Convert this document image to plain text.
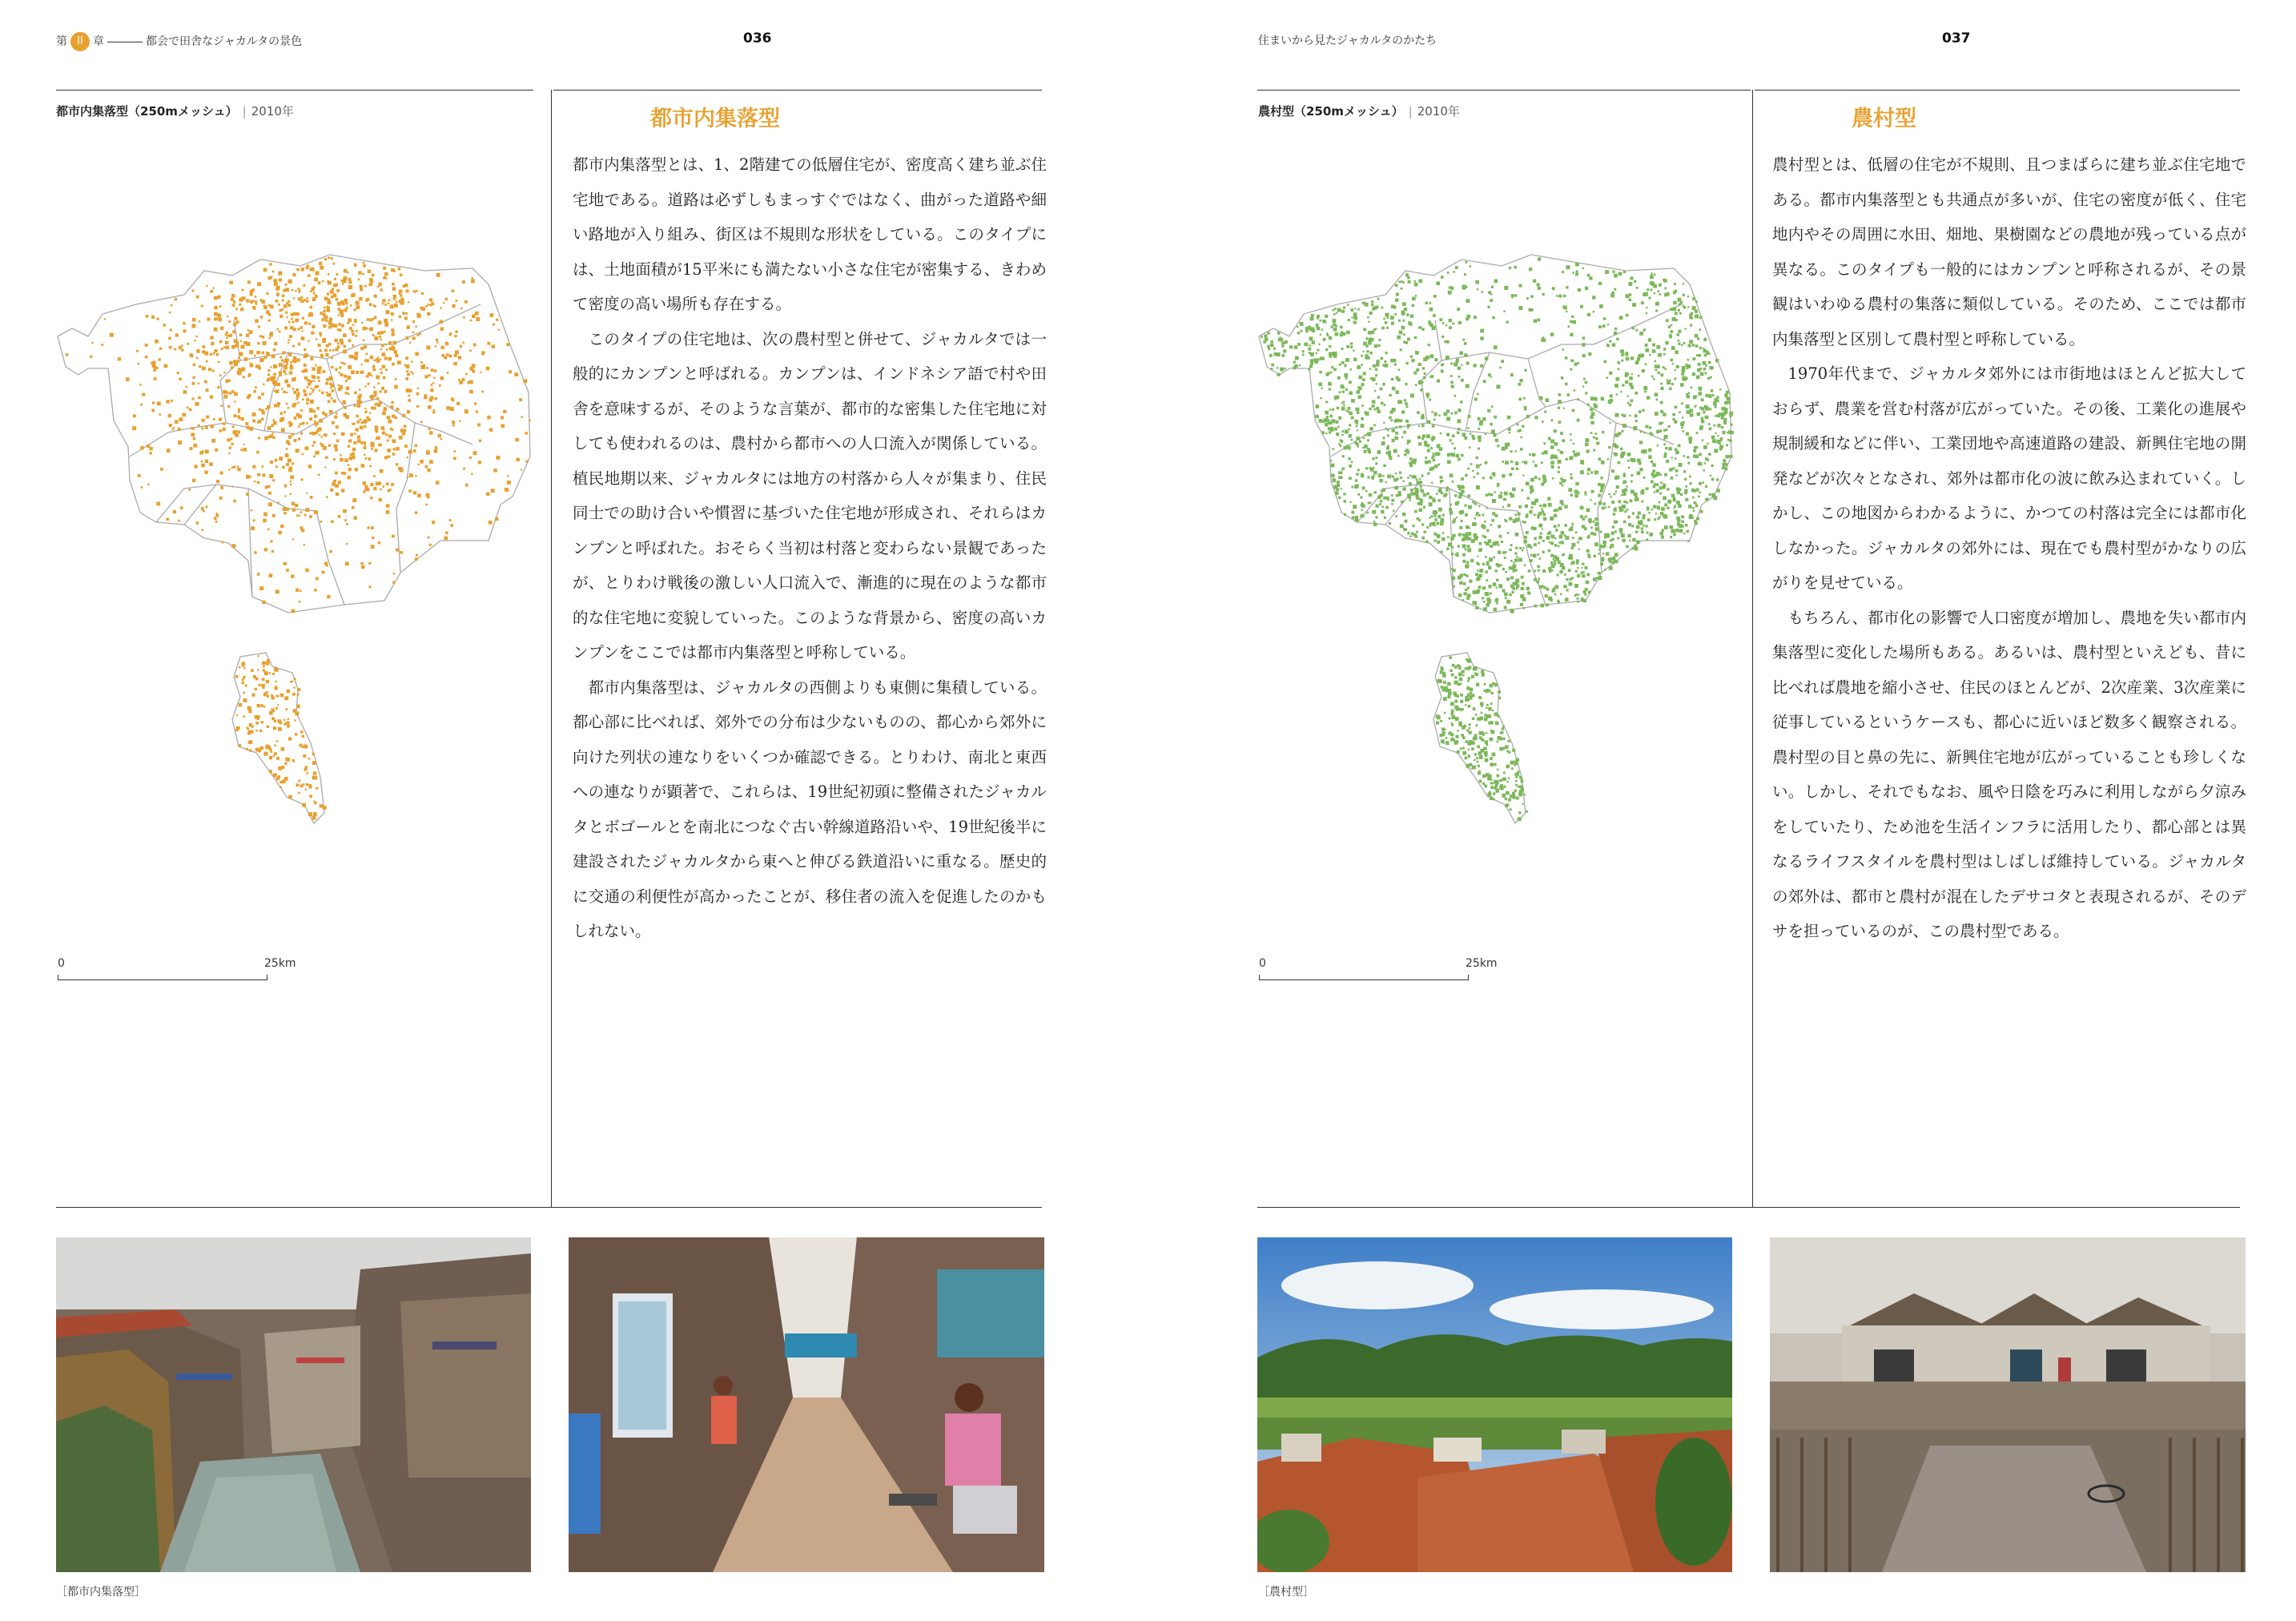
第 II 章	都会で田舎なジャカルタの景色	036
都市内集落型（250mメッシュ） | 2010年
0	25km
都市内集落型

都市内集落型とは、1、2階建ての低層住宅が、密度高く建ち並ぶ住宅地である。道路は必ずしもまっすぐではなく、曲がった道路や細い路地が入り組み、街区は不規則な形状をしている。このタイプには、土地面積が15平米にも満たない小さな住宅が密集する、きわめて密度の高い場所も存在する。

このタイプの住宅地は、次の農村型と併せて、ジャカルタでは一般的にカンプンと呼ばれる。カンプンは、インドネシア語で村や田舎を意味するが、そのような言葉が、都市的な密集した住宅地に対しても使われるのは、農村から都市への人口流入が関係している。植民地期以来、ジャカルタには地方の村落から人々が集まり、住民同士での助け合いや慣習に基づいた住宅地が形成され、それらはカンプンと呼ばれた。おそらく当初は村落と変わらない景観であったが、とりわけ戦後の激しい人口流入で、漸進的に現在のような都市的な住宅地に変貌していった。このような背景から、密度の高いカンプンをここでは都市内集落型と呼称している。

都市内集落型は、ジャカルタの西側よりも東側に集積している。都心部に比べれば、郊外での分布は少ないものの、都心から郊外に向けた列状の連なりをいくつか確認できる。とりわけ、南北と東西への連なりが顕著で、これらは、19世紀初頭に整備されたジャカルタとボゴールとを南北につなぐ古い幹線道路沿いや、19世紀後半に建設されたジャカルタから東へと伸びる鉄道沿いに重なる。歴史的に交通の利便性が高かったことが、移住者の流入を促進したのかもしれない。

［都市内集落型］
住まいから見たジャカルタのかたち	037
農村型（250mメッシュ） | 2010年
0	25km
農村型

農村型とは、低層の住宅が不規則、且つまばらに建ち並ぶ住宅地である。都市内集落型とも共通点が多いが、住宅の密度が低く、住宅地内やその周囲に水田、畑地、果樹園などの農地が残っている点が異なる。このタイプも一般的にはカンプンと呼称されるが、その景観はいわゆる農村の集落に類似している。そのため、ここでは都市内集落型と区別して農村型と呼称している。

1970年代まで、ジャカルタ郊外には市街地はほとんど拡大しておらず、農業を営む村落が広がっていた。その後、工業化の進展や規制緩和などに伴い、工業団地や高速道路の建設、新興住宅地の開発などが次々となされ、郊外は都市化の波に飲み込まれていく。しかし、この地図からわかるように、かつての村落は完全には都市化しなかった。ジャカルタの郊外には、現在でも農村型がかなりの広がりを見せている。

もちろん、都市化の影響で人口密度が増加し、農地を失い都市内集落型に変化した場所もある。あるいは、農村型といえども、昔に比べれば農地を縮小させ、住民のほとんどが、2次産業、3次産業に従事しているというケースも、都心に近いほど数多く観察される。農村型の目と鼻の先に、新興住宅地が広がっていることも珍しくない。しかし、それでもなお、風や日陰を巧みに利用しながら夕涼みをしていたり、ため池を生活インフラに活用したり、都心部とは異なるライフスタイルを農村型はしばしば維持している。ジャカルタの郊外は、都市と農村が混在したデサコタと表現されるが、そのデサを担っているのが、この農村型である。

［農村型］
